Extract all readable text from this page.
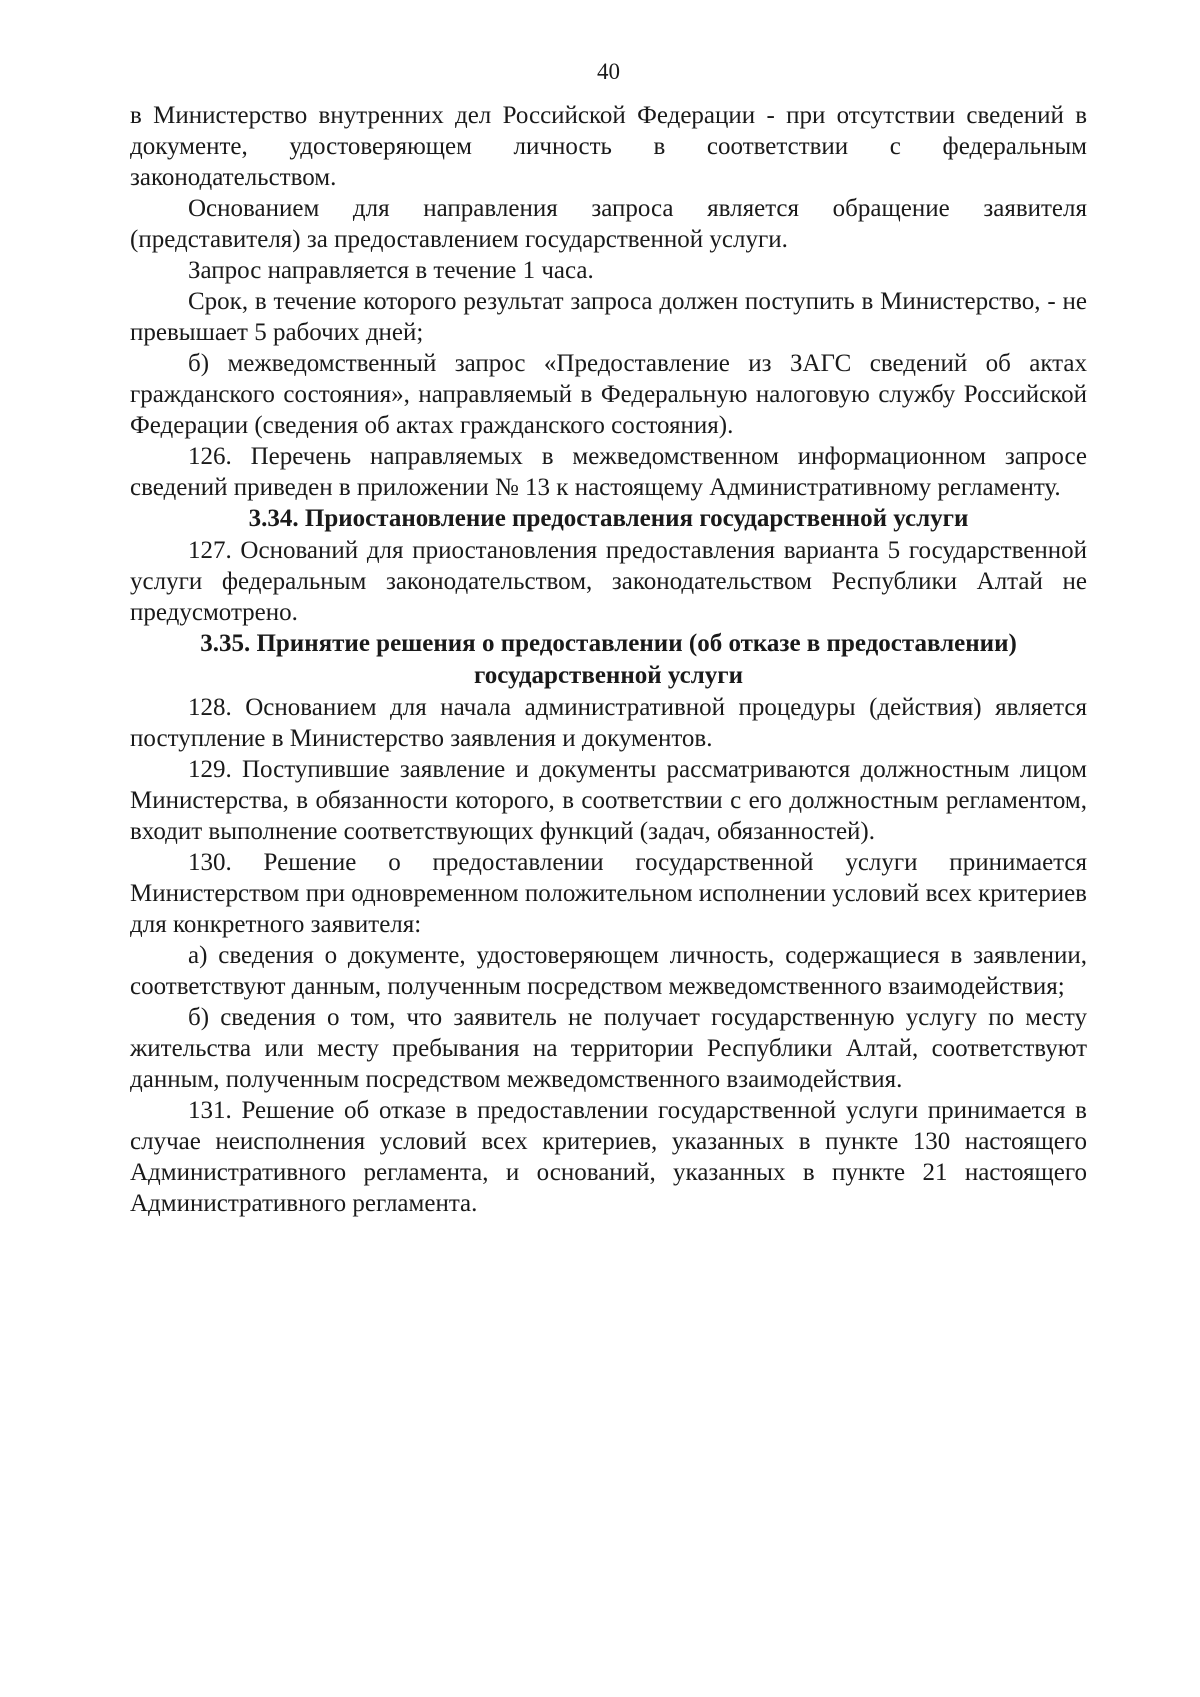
40

в Министерство внутренних дел Российской Федерации - при отсутствии сведений в документе, удостоверяющем личность в соответствии с федеральным законодательством.

Основанием для направления запроса является обращение заявителя (представителя) за предоставлением государственной услуги.

Запрос направляется в течение 1 часа.

Срок, в течение которого результат запроса должен поступить в Министерство, - не превышает 5 рабочих дней;

б) межведомственный запрос «Предоставление из ЗАГС сведений об актах гражданского состояния», направляемый в Федеральную налоговую службу Российской Федерации (сведения об актах гражданского состояния).

126. Перечень направляемых в межведомственном информационном запросе сведений приведен в приложении № 13 к настоящему Административному регламенту.

3.34. Приостановление предоставления государственной услуги

127. Оснований для приостановления предоставления варианта 5 государственной услуги федеральным законодательством, законодательством Республики Алтай не предусмотрено.

3.35. Принятие решения о предоставлении (об отказе в предоставлении) государственной услуги

128. Основанием для начала административной процедуры (действия) является поступление в Министерство заявления и документов.

129. Поступившие заявление и документы рассматриваются должностным лицом Министерства, в обязанности которого, в соответствии с его должностным регламентом, входит выполнение соответствующих функций (задач, обязанностей).

130. Решение о предоставлении государственной услуги принимается Министерством при одновременном положительном исполнении условий всех критериев для конкретного заявителя:

а) сведения о документе, удостоверяющем личность, содержащиеся в заявлении, соответствуют данным, полученным посредством межведомственного взаимодействия;

б) сведения о том, что заявитель не получает государственную услугу по месту жительства или месту пребывания на территории Республики Алтай, соответствуют данным, полученным посредством межведомственного взаимодействия.

131. Решение об отказе в предоставлении государственной услуги принимается в случае неисполнения условий всех критериев, указанных в пункте 130 настоящего Административного регламента, и оснований, указанных в пункте 21 настоящего Административного регламента.
